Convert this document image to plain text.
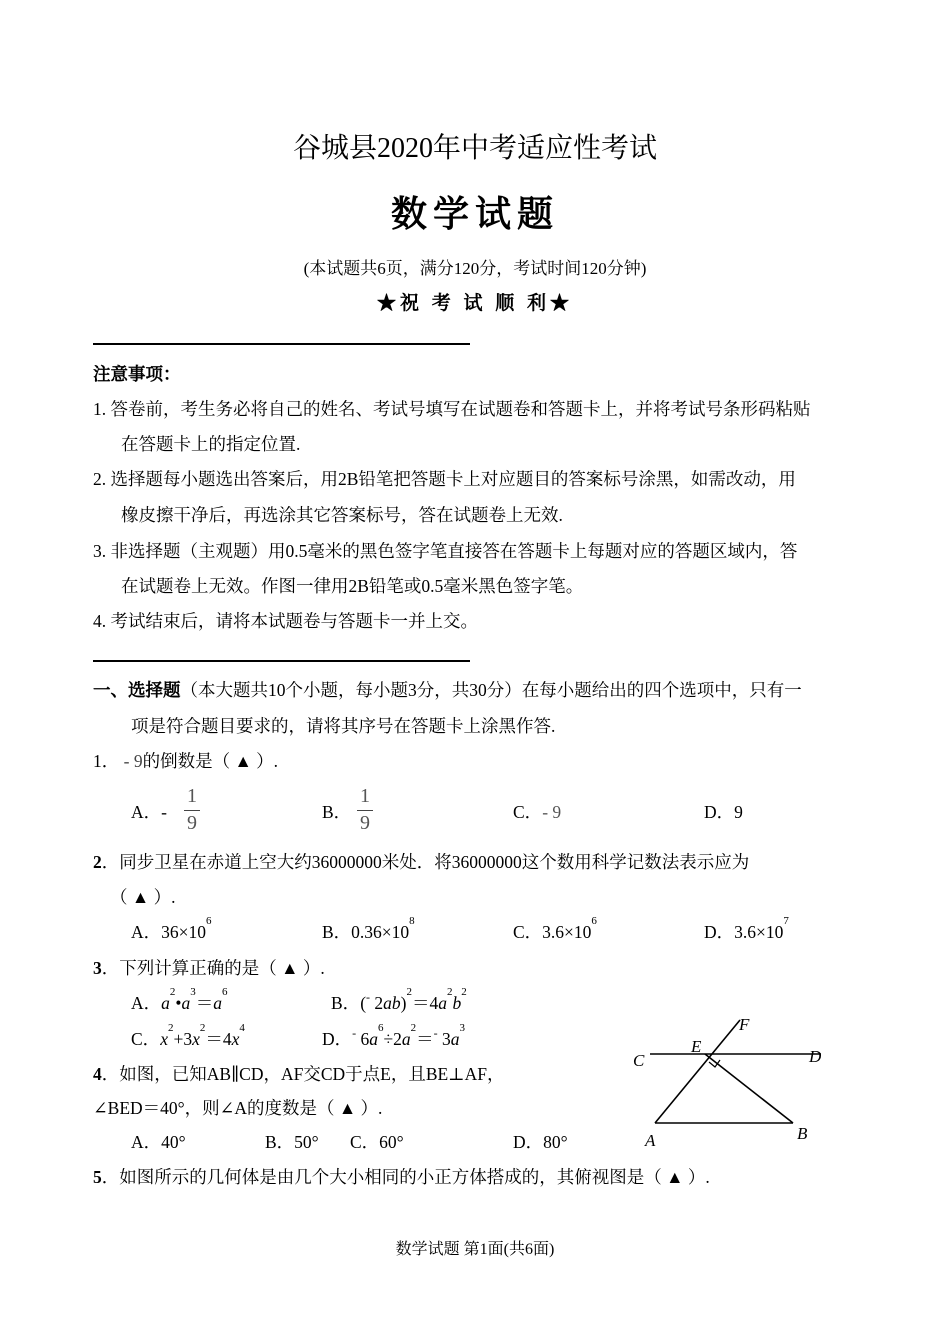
谷城县2020年中考适应性考试
数学试题
(本试题共6页，满分120分，考试时间120分钟)
★祝 考 试 顺 利★
注意事项：
1. 答卷前，考生务必将自己的姓名、考试号填写在试题卷和答题卡上，并将考试号条形码粘贴
在答题卡上的指定位置.
2. 选择题每小题选出答案后，用2B铅笔把答题卡上对应题目的答案标号涂黑，如需改动，用
橡皮擦干净后，再选涂其它答案标号，答在试题卷上无效.
3. 非选择题（主观题）用0.5毫米的黑色签字笔直接答在答题卡上每题对应的答题区域内，答
在试题卷上无效。作图一律用2B铅笔或0.5毫米黑色签字笔。
4. 考试结束后，请将本试题卷与答题卡一并上交。
一、选择题（本大题共10个小题，每小题3分，共30分）在每小题给出的四个选项中，只有一
项是符合题目要求的，请将其序号在答题卡上涂黑作答.
1． - 9的倒数是（ ▲ ）.
A．-
1
9	B．
1
9	C．- 9	D．9
2．同步卫星在赤道上空大约36000000米处．将36000000这个数用科学记数法表示应为
（ ▲ ）.
A．$36\times 10^6$
B．$0.36\times 10^8$
C．$3.6\times 10^6$
D．$3.6\times 10^7$
3．下列计算正确的是（ ▲ ）.
A．$a^2•a^3=a^6$
B．(- $2ab)^2=4a^2b^2$
C．$x^2+3x^2=4x^4$
D．- $6a^6\div 2a^2=^-$ $3a^3$
4．如图，已知AB∥CD，AF交CD于点E，且BE⊥AF，
∠BED＝40°，则∠A的度数是（ ▲ ）.
A．40°	B．50° C．60°	D．80°
C
E
F
D
A	B
5．如图所示的几何体是由几个大小相同的小正方体搭成的，其俯视图是（ ▲ ）.
数学试题 第1面(共6面)
